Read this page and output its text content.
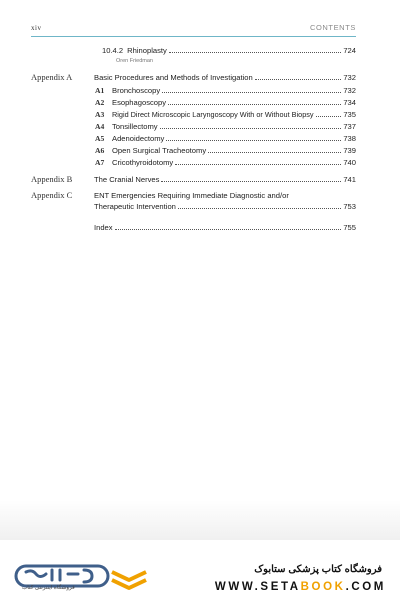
xiv	CONTENTS
10.4.2 Rhinoplasty	724
Oren Friedman
Appendix A	Basic Procedures and Methods of Investigation	732
A1 Bronchoscopy	732
A2 Esophagoscopy	734
A3 Rigid Direct Microscopic Laryngoscopy With or Without Biopsy	735
A4 Tonsillectomy	737
A5 Adenoidectomy	738
A6 Open Surgical Tracheotomy	739
A7 Cricothyroidotomy	740
Appendix B	The Cranial Nerves	741
Appendix C	ENT Emergencies Requiring Immediate Diagnostic and/or
Therapeutic Intervention	753
Index	755
فروشگاه اینترنتی کتاب
فروشگاه کتاب پزشکی ستابوک
WWW.SETABOOK.COM
